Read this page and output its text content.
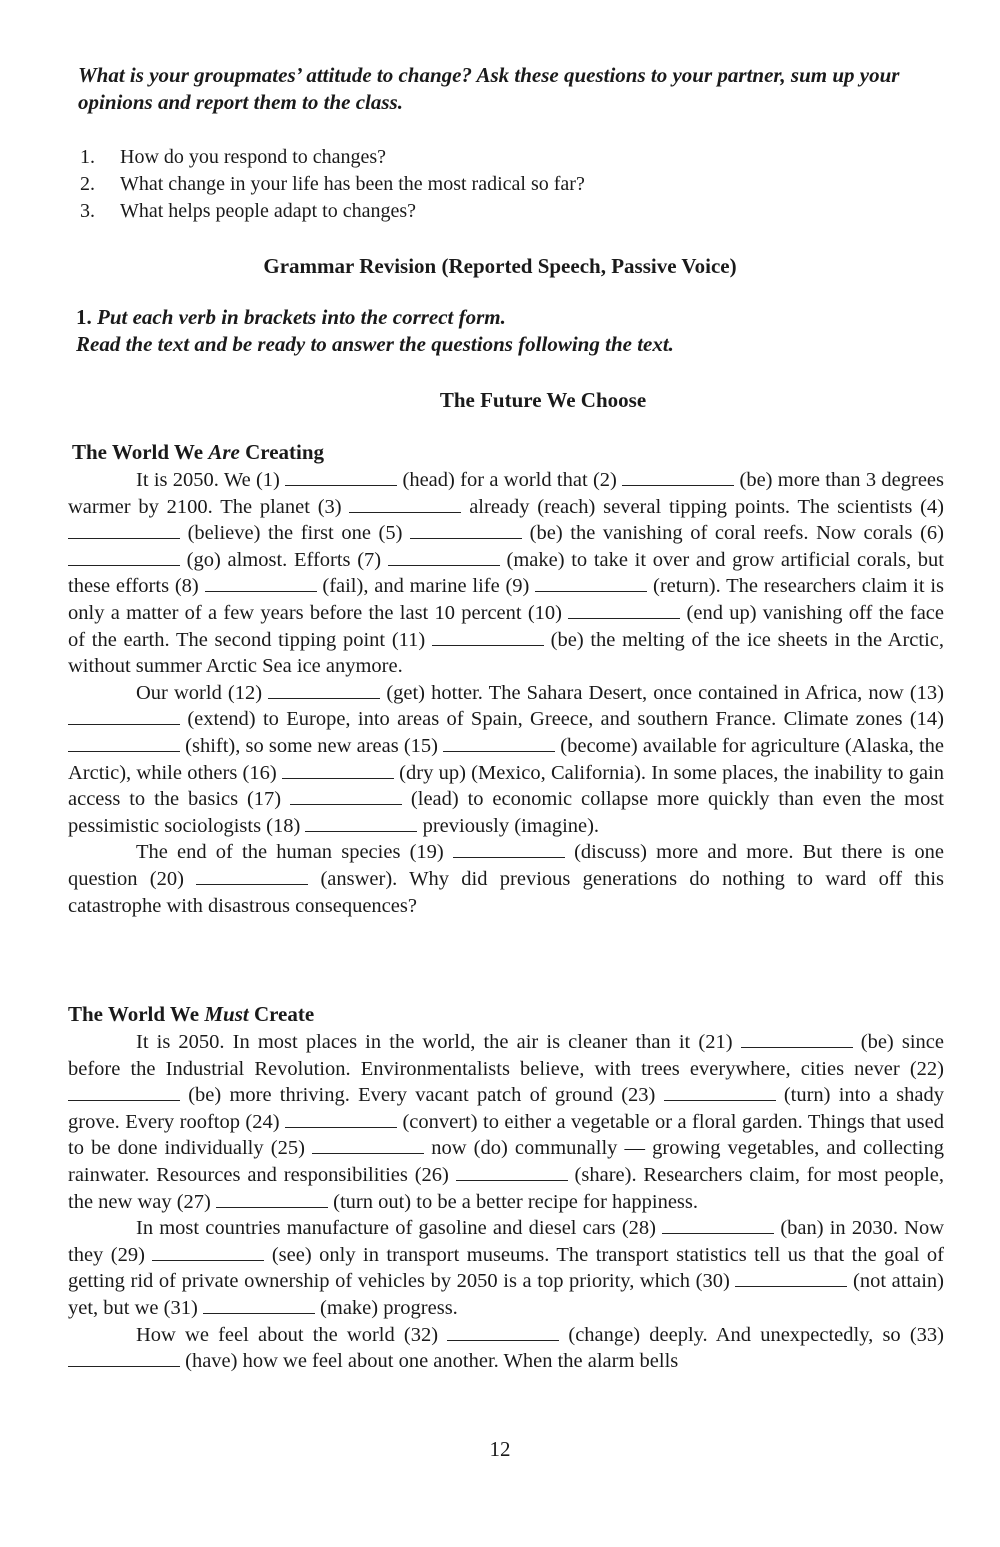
What is your groupmates’ attitude to change? Ask these questions to your partner, sum up your opinions and report them to the class.
1.	How do you respond to changes?
2.	What change in your life has been the most radical so far?
3.	What helps people adapt to changes?
Grammar Revision (Reported Speech, Passive Voice)
1. Put each verb in brackets into the correct form.
Read the text and be ready to answer the questions following the text.
The Future We Choose
The World We Are Creating

It is 2050. We (1)	(head) for a world that (2)	(be) more than 3 degrees warmer by 2100. The planet (3)	already (reach) several tipping points. The scientists (4)  (believe) the first one (5)	(be) the vanishing of coral reefs. Now corals (6)  (go) almost. Efforts (7)	(make) to take it over and grow artificial corals, but these efforts (8)	(fail), and marine life (9)	(return). The researchers claim it is only a matter of a few years before the last 10 percent (10)	(end up) vanishing off the face of the earth. The second tipping point (11)	(be) the melting of the ice sheets in the Arctic, without summer Arctic Sea ice anymore.

Our world (12)	(get) hotter. The Sahara Desert, once contained in Africa, now (13)  (extend) to Europe, into areas of Spain, Greece, and southern France. Climate zones (14)  (shift), so some new areas (15)	(become) available for agriculture (Alaska, the Arctic), while others (16)	(dry up) (Mexico, California). In some places, the inability to gain access to the basics (17)	(lead) to economic collapse more quickly than even the most pessimistic sociologists (18)	previously (imagine).

The end of the human species (19)	(discuss) more and more. But there is one question (20)	(answer). Why did previous generations do nothing to ward off this catastrophe with disastrous consequences?

The World We Must Create

It is 2050. In most places in the world, the air is cleaner than it (21)	(be) since before the Industrial Revolution. Environmentalists believe, with trees everywhere, cities never (22)  (be) more thriving. Every vacant patch of ground (23)	(turn) into a shady grove. Every rooftop (24)	(convert) to either a vegetable or a floral garden. Things that used to be done individually (25)	now (do) communally — growing vegetables, and collecting rainwater. Resources and responsibilities (26)	(share). Researchers claim, for most people, the new way (27)	(turn out) to be a better recipe for happiness.

In most countries manufacture of gasoline and diesel cars (28)	(ban) in 2030. Now they (29)	(see) only in transport museums. The transport statistics tell us that the goal of getting rid of private ownership of vehicles by 2050 is a top priority, which (30)	(not attain) yet, but we (31)	(make) progress.

How we feel about the world (32)	(change) deeply. And unexpectedly, so (33)  (have) how we feel about one another. When the alarm bells

12
